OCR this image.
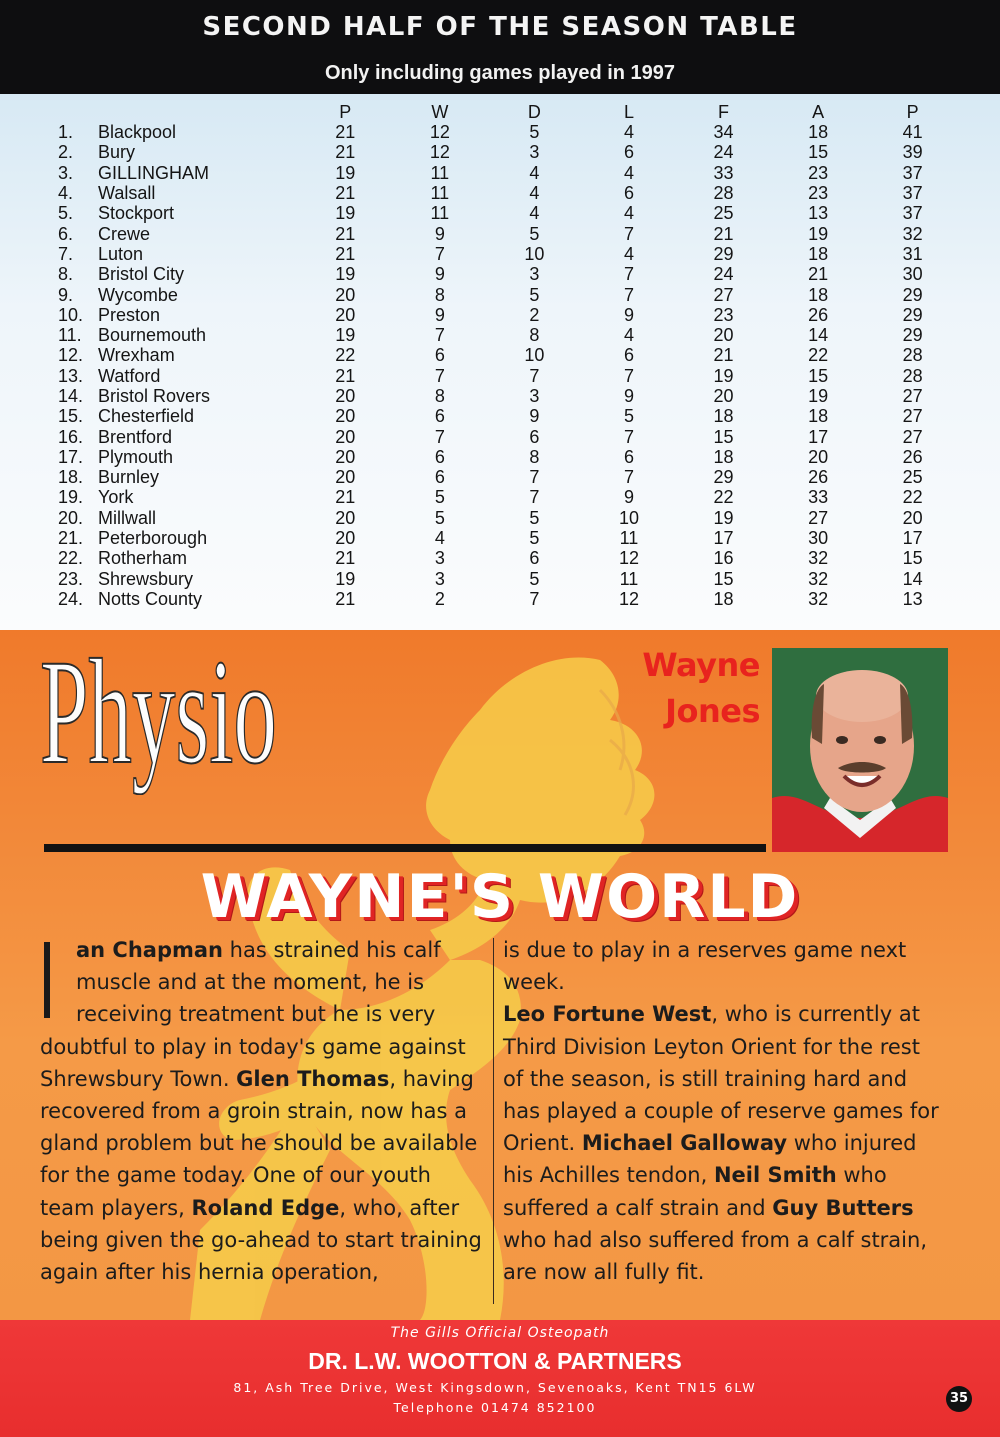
SECOND HALF OF THE SEASON TABLE
Only including games played in 1997
		P	W	D	L	F	A	P
1.	Blackpool	21	12	5	4	34	18	41
2.	Bury	21	12	3	6	24	15	39
3.	GILLINGHAM	19	11	4	4	33	23	37
4.	Walsall	21	11	4	6	28	23	37
5.	Stockport	19	11	4	4	25	13	37
6.	Crewe	21	9	5	7	21	19	32
7.	Luton	21	7	10	4	29	18	31
8.	Bristol City	19	9	3	7	24	21	30
9.	Wycombe	20	8	5	7	27	18	29
10.	Preston	20	9	2	9	23	26	29
11.	Bournemouth	19	7	8	4	20	14	29
12.	Wrexham	22	6	10	6	21	22	28
13.	Watford	21	7	7	7	19	15	28
14.	Bristol Rovers	20	8	3	9	20	19	27
15.	Chesterfield	20	6	9	5	18	18	27
16.	Brentford	20	7	6	7	15	17	27
17.	Plymouth	20	6	8	6	18	20	26
18.	Burnley	20	6	7	7	29	26	25
19.	York	21	5	7	9	22	33	22
20.	Millwall	20	5	5	10	19	27	20
21.	Peterborough	20	4	5	11	17	30	17
22.	Rotherham	21	3	6	12	16	32	15
23.	Shrewsbury	19	3	5	11	15	32	14
24.	Notts County	21	2	7	12	18	32	13
Physio	Wayne
Jones
WAYNE'S WORLD
an Chapman has strained his calf muscle and at the moment, he is receiving treatment but he is very doubtful to play in today's game against Shrewsbury Town. Glen Thomas, having recovered from a groin strain, now has a gland problem but he should be available for the game today. One of our youth team players, Roland Edge, who, after being given the go-ahead to start training again after his hernia operation,
is due to play in a reserves game next week.
Leo Fortune West, who is currently at Third Division Leyton Orient for the rest of the season, is still training hard and has played a couple of reserve games for Orient. Michael Galloway who injured his Achilles tendon, Neil Smith who suffered a calf strain and Guy Butters who had also suffered from a calf strain, are now all fully fit.
The Gills Official Osteopath
DR. L.W. WOOTTON & PARTNERS
81, Ash Tree Drive, West Kingsdown, Sevenoaks, Kent TN15 6LW
Telephone 01474 852100
35
